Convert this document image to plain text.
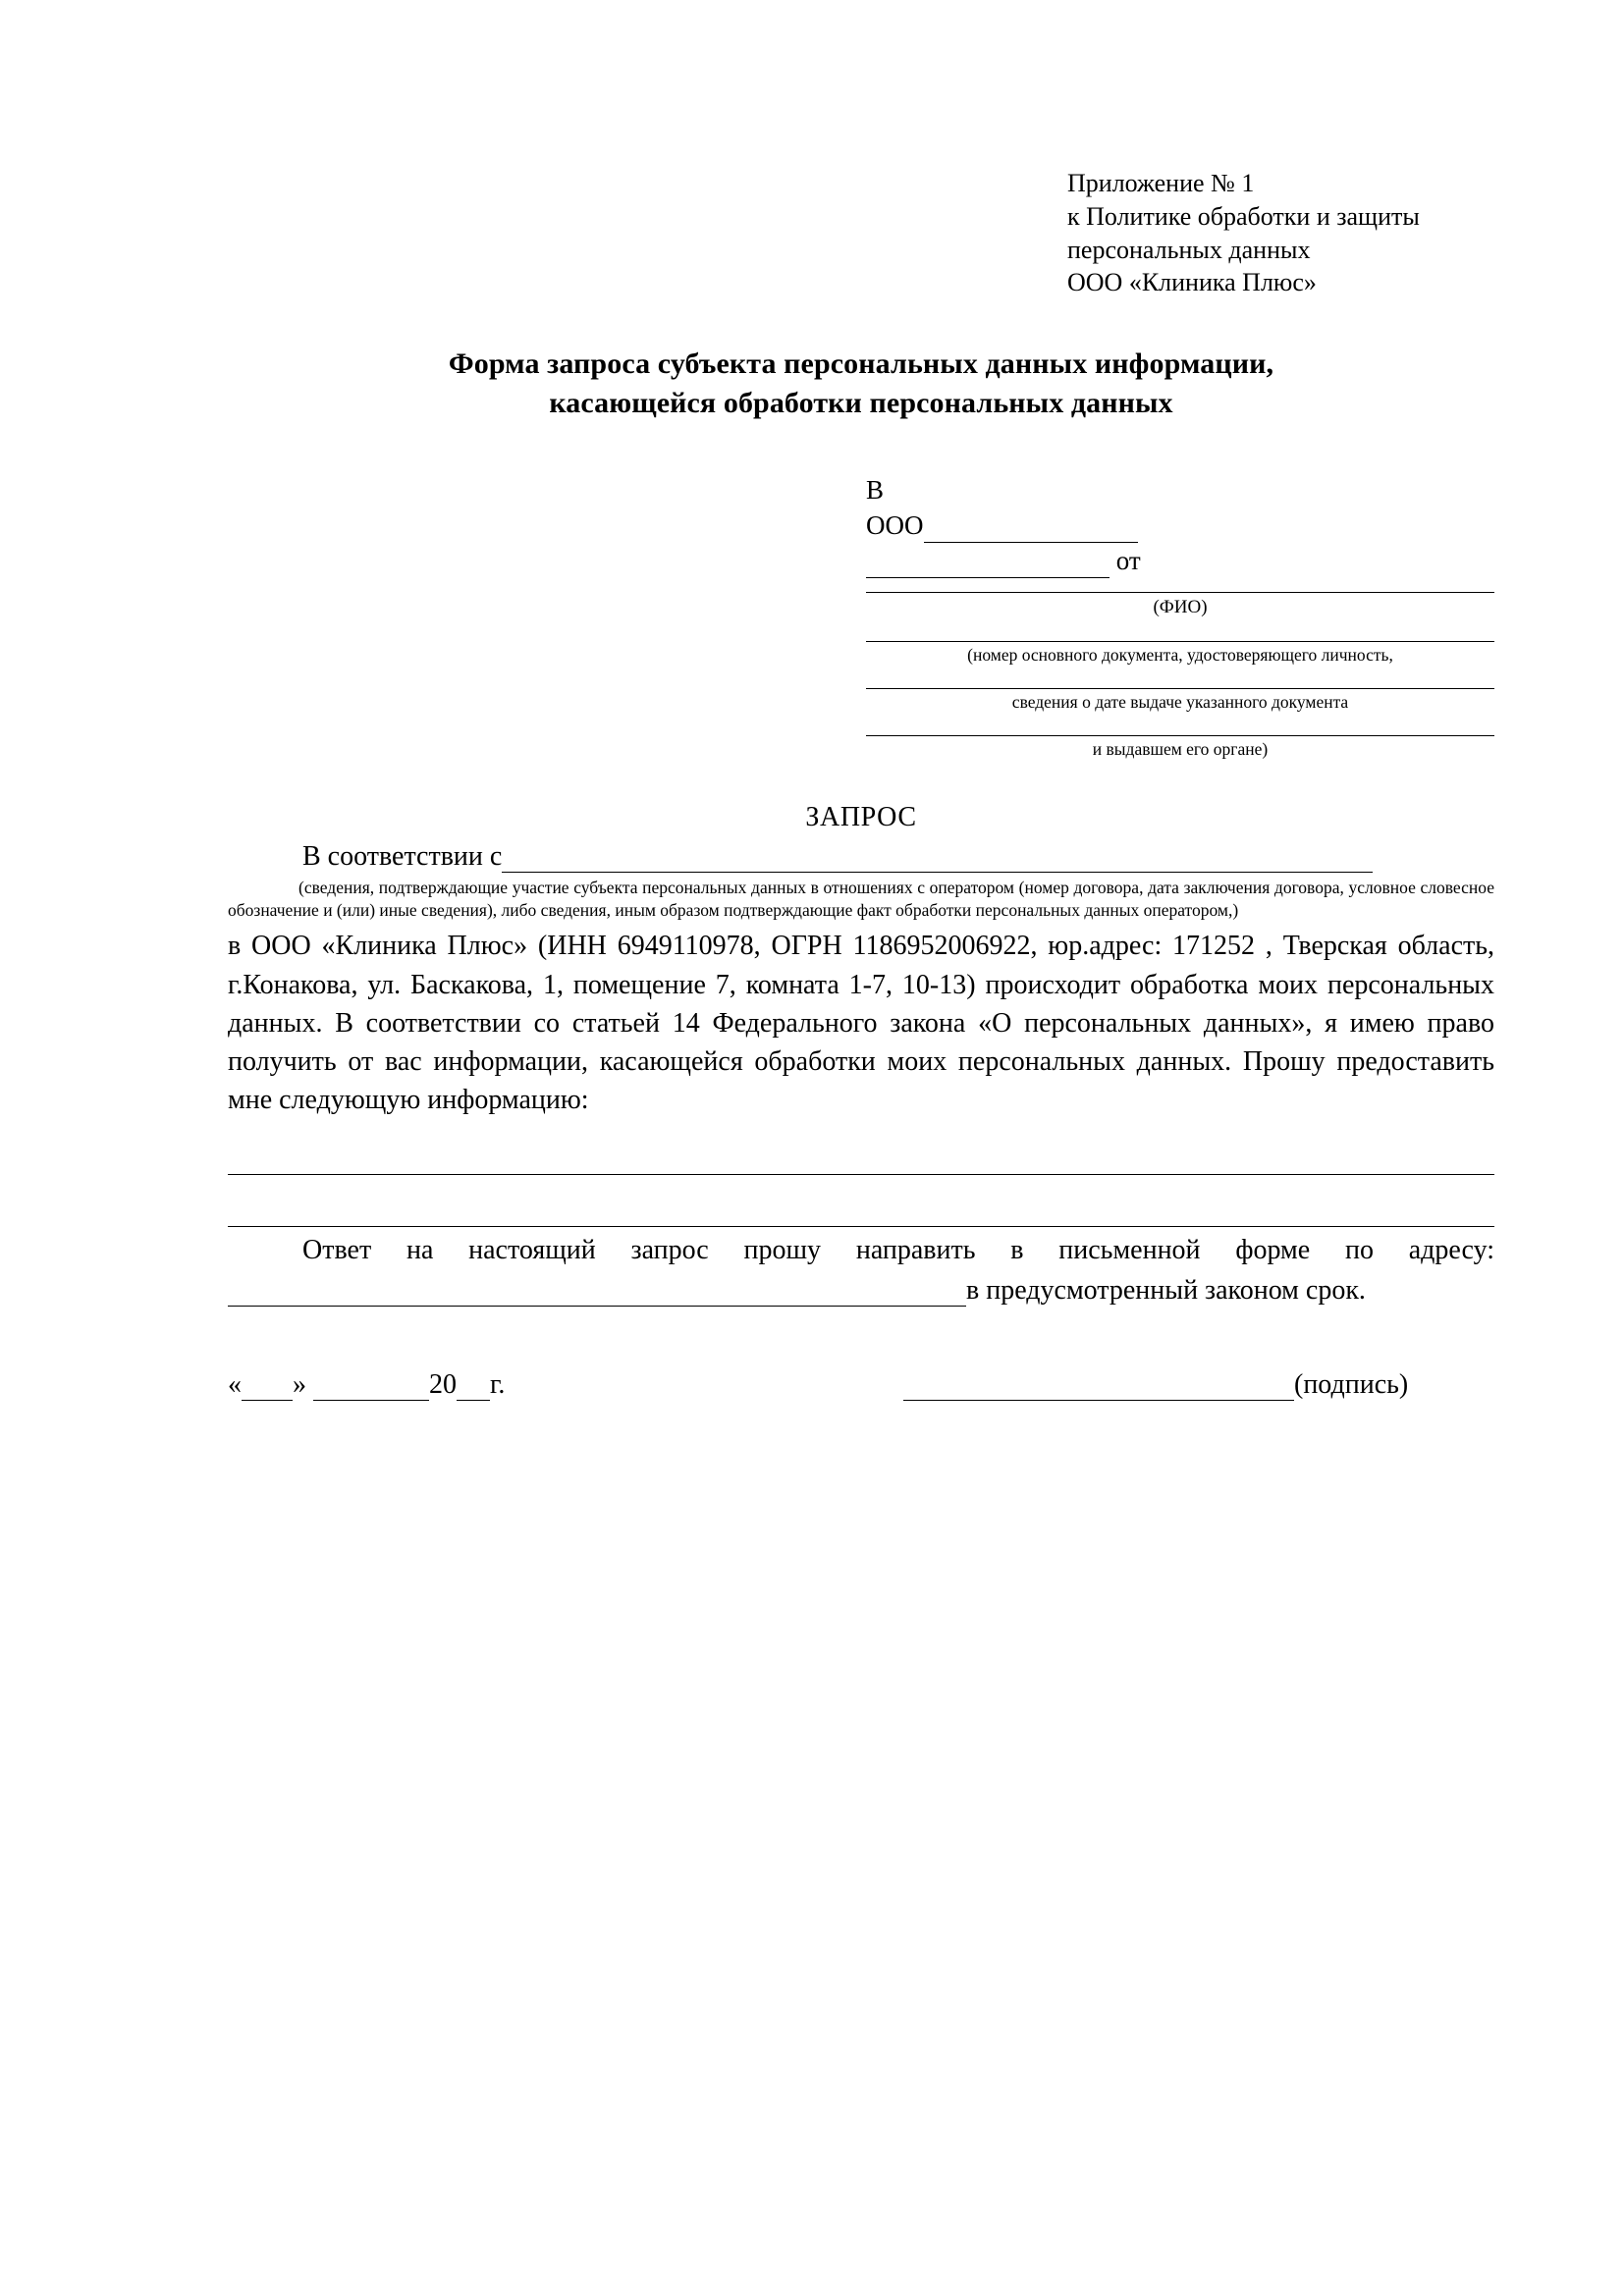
Приложение № 1
к Политике обработки и защиты
персональных данных
ООО «Клиника Плюс»
Форма запроса субъекта персональных данных информации,
касающейся обработки персональных данных
В
ООО
от
(ФИО)
(номер основного документа, удостоверяющего личность,
сведения о дате выдаче указанного документа
и выдавшем его органе)
ЗАПРОС
В соответствии с
(сведения, подтверждающие участие субъекта персональных данных в отношениях с оператором (номер договора, дата заключения договора, условное словесное обозначение и (или) иные сведения), либо сведения, иным образом подтверждающие факт обработки персональных данных оператором,)
в ООО «Клиника Плюс» (ИНН 6949110978, ОГРН 1186952006922, юр.адрес: 171252 , Тверская область, г.Конакова, ул. Баскакова, 1, помещение 7, комната 1-7, 10-13) происходит обработка моих персональных данных. В соответствии со статьей 14 Федерального закона «О персональных данных», я имею право получить от вас информации, касающейся обработки моих персональных данных. Прошу предоставить мне следующую информацию:
Ответ на настоящий запрос прошу направить в письменной форме по адресу:
в предусмотренный законом срок.
« »	20 г.	(подпись)
